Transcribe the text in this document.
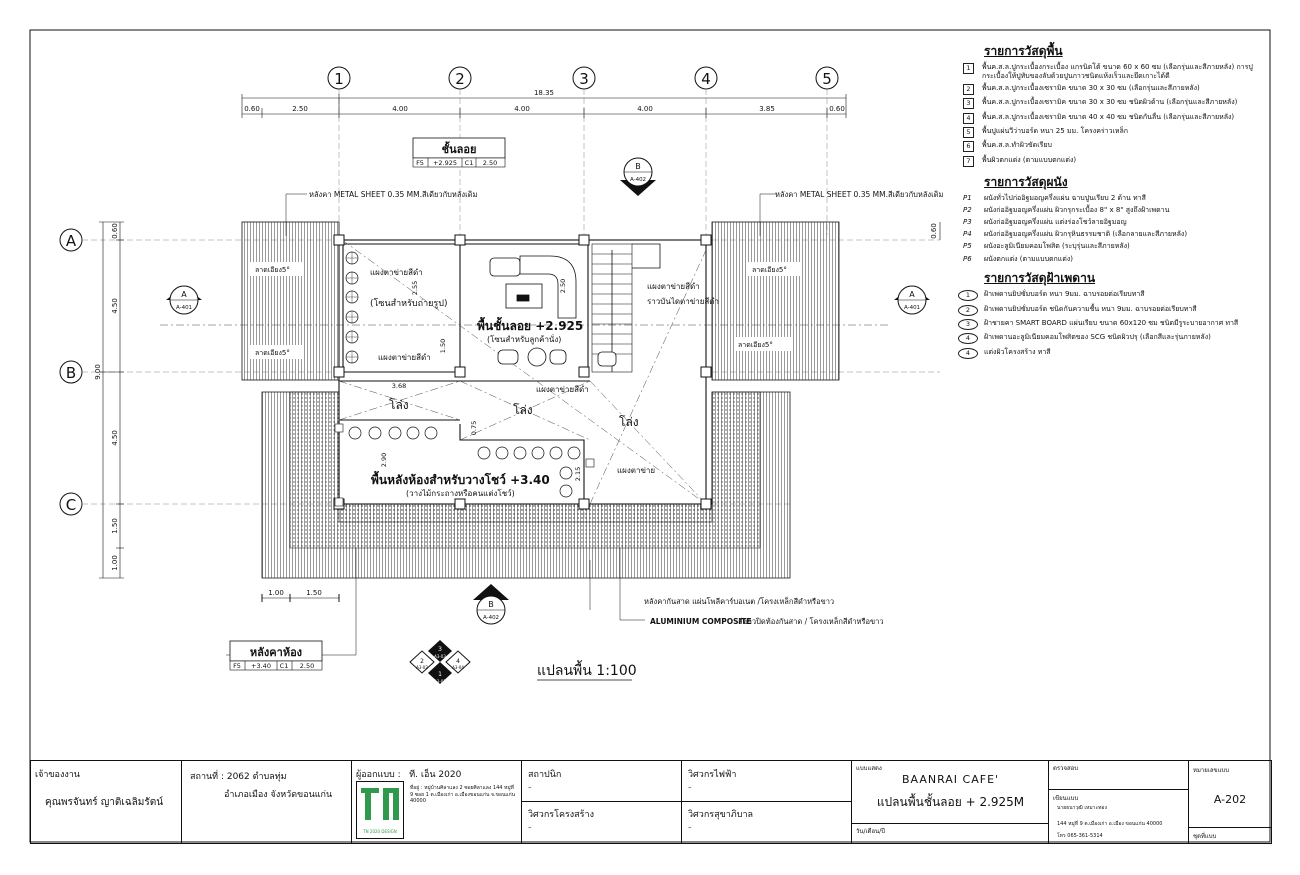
1	2	3	4	5
A
B
C
18.35
0.60	2.50	4.00	4.00	4.00	3.85	0.60
0.60
4.50
9.00
4.50
1.50
1.00
0.60
1.00	1.50
ลาดเอียง5°
ลาดเอียง5°
ลาดเอียง5°
ลาดเอียง5°
ชั้นลอย
F5 +2.925 C1 2.50
หลังคาห้อง
F5 +3.40 C1 2.50
B
A-402
B
A-402
A
A-401
A
A-401
หลังคา METAL SHEET 0.35 MM.สีเดียวกับหลังเดิม	หลังคา METAL SHEET 0.35 MM.สีเดียวกับหลังเดิม
แผงตาข่ายสีดำ
(โซนสำหรับถ่ายรูป)
แผงตาข่ายสีดำ
พื้นชั้นลอย +2.925
(โซนสำหรับลูกค้านั่ง)
แผงตาข่ายสีดำ
ราวบันไดตาข่ายสีดำ
แผงตาข่ายสีดำ
โล่ง	โล่ง
โล่ง
พื้นหลังห้องสำหรับวางโชว์ +3.40
(วางไม้กระถางหรือคนแต่งโชว์)
แผงตาข่าย
หลังคากันสาด แผ่นโพลีคาร์บอเนต /โครงเหล็กสีดำหรือขาว
ALUMINIUM COMPOSITE
สีขาวปิดท้องกันสาด / โครงเหล็กสีดำหรือขาว
แปลนพื้น 1:100
2.55
1.50
3.68
0.75
2.90
2.15
2.50
3
A3-03
2
A3-02
4
A3-04
1
A3-01
รายการวัสดุพื้น
1	พื้นค.ส.ล.ปูกระเบื้องกระเบื้อง แกรนิตโต้ ขนาด 60 x 60 ซม (เลือกรุ่นและสีภายหลัง) การปูกระเบื้องให้ปูทับของลับด้วยปูนกาวชนิดแห้งเร็วและยึดเกาะได้ดี
2	พื้นค.ส.ล.ปูกระเบื้องเซรามิค ขนาด 30 x 30 ซม (เลือกรุ่นและสีภายหลัง)
3	พื้นค.ส.ล.ปูกระเบื้องเซรามิค ขนาด 30 x 30 ซม ชนิดผิวด้าน (เลือกรุ่นและสีภายหลัง)
4	พื้นค.ส.ล.ปูกระเบื้องเซรามิค ขนาด 40 x 40 ซม ชนิดกันลื่น (เลือกรุ่นและสีภายหลัง)
5	พื้นปูแผ่นวีว่าบอร์ด หนา 25 มม. โครงคร่าวเหล็ก
6	พื้นค.ส.ล.ทำผิวขัดเรียบ
7	พื้นผิวตกแต่ง (ตามแบบตกแต่ง)
รายการวัสดุผนัง
P1	ผนังทั่วไปก่ออิฐมอญครึ่งแผ่น ฉาบปูนเรียบ 2 ด้าน ทาสี
P2	ผนังก่ออิฐมอญครึ่งแผ่น ผิวกรุกระเบื้อง 8" x 8" สูงถึงฝ้าเพดาน
P3	ผนังก่ออิฐมอญครึ่งแผ่น แต่งร่องโชว์ลายอิฐมอญ
P4	ผนังก่ออิฐมอญครึ่งแผ่น ผิวกรุหินธรรมชาติ (เลือกลายและสีภายหลัง)
P5	ผนังอะลูมิเนียมคอมโพสิต (ระบุรุ่นและสีภายหลัง)
P6	ผนังตกแต่ง (ตามแบบตกแต่ง)
รายการวัสดุฝ้าเพดาน
1	ฝ้าเพดานยิปซั่มบอร์ด หนา 9มม. ฉาบรอยต่อเรียบทาสี
2	ฝ้าเพดานยิปซั่มบอร์ด ชนิดกันความชื้น หนา 9มม. ฉาบรอยต่อเรียบทาสี
3	ฝ้าชายคา SMART BOARD แผ่นเรียบ ขนาด 60x120 ซม ชนิดมีรูระบายอากาศ ทาสี
4	ฝ้าเพดานอะลูมิเนียมคอมโพสิตของ SCG ชนิดผิวปรุ (เลือกสีและรุ่นภายหลัง)
4	แต่งผิวโครงสร้าง ทาสี
เจ้าของงาน
คุณพรจันทร์ ญาติเฉลิมรัตน์
สถานที่ : 2062 ตำบลทุ่ม
อำเภอเมือง จังหวัดขอนแก่น
ผู้ออกแบบ : ที. เอ็น 2020
TN 2020 DESIGN
ที่อยู่ : หมู่บ้านศิลาแลง 2 ซอยศิลาแลง 144 หมู่ที่ 9 ซอย 1 ต.เมืองเก่า อ.เมืองขอนแก่น จ.ขอนแก่น 40000
สถาปนิก
–
วิศวกรโครงสร้าง
–
วิศวกรไฟฟ้า
–
วิศวกรสุขาภิบาล
–
แบบแสดง
BAANRAI CAFE'
แปลนพื้นชั้นลอย + 2.925M
วัน/เดือน/ปี
ตรวจสอบ
เขียนแบบ
นายธนาวุฒิ เหมาะทอง
144 หมู่ที่ 9 ต.เมืองเก่า อ.เมือง ขอนแก่น 40000
โทร 065-361-5314
หมายเลขแบบ
A-202
ชุดที่แบบ
